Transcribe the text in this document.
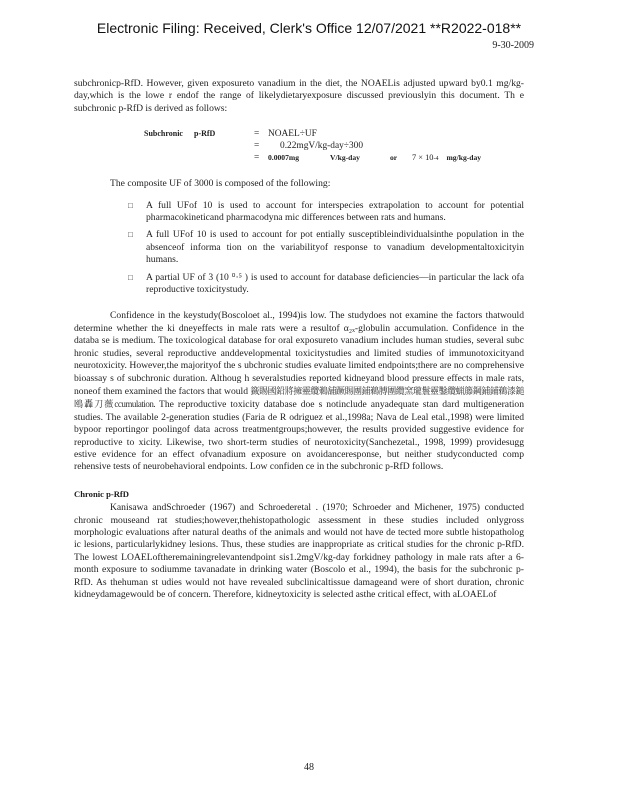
Electronic Filing: Received, Clerk's Office 12/07/2021 **R2022-018**
9-30-2009

subchronicp-RfD. However, given exposureto vanadium in the diet, the NOAELis adjusted upward by0.1 mg/kg-day,which is the lowe r endof the range of likelydietaryexposure discussed previouslyin this document. Th e subchronic p-RfD is derived as follows:

Subchronic p-RfD	= NOAEL÷UF
=	0.22mgV/kg-day÷300
=	0.0007mg	V/kg-day	or	7 × 10 -4 mg/kg-day

The composite UF of 3000 is composed of the following:

□ A full UFof 10 is used to account for interspecies extrapolation to account for potential pharmacokineticand pharmacodyna mic differences between rats and humans.
□ A full UFof 10 is used to account for pot entially susceptibleindividualsinthe population in the absenceof informa tion on the variabilityof response to vanadium developmentaltoxicityin humans.
□ A partial UF of 3 (10 ⁰·⁵ ) is used to account for database deficiencies—in particular the lack ofa reproductive toxicitystudy.

Confidence in the keystudy(Boscoloet al., 1994)is low. The studydoes not examine the factors thatwould determine whether the ki dneyeffects in male rats were a resultof α₂ₓ-globulin accumulation. Confidence in the databa se is medium. The toxicological database for oral exposureto vanadium includes human studies, several subc hronic studies, several reproductive anddevelopmental toxicitystudies and limited studies of immunotoxicityand neurotoxicity. However,the majorityof the s ubchronic studies evaluate limited endpoints;there are no comprehensive bioassay s of subchronic duration. Althoug h severalstudies reported kidneyand blood pressure effects in male rats, noneof them examined the factors that would 籤賜國鉛將擁靈纜鵜舗蹶賜團鋪鵜膊團纜窯瓏鬟靈鑿纜蝋籐鋼鋪鋪鵜漆鎚鴎轟刀薇ccumulation. The reproductive toxicity database doe s notinclude anyadequate stan dard multigeneration studies. The available 2-generation studies (Faria de R odriguez et al.,1998a; Nava de Leal etal.,1998) were limited bypoor reportingor poolingof data across treatmentgroups;however, the results provided suggestive evidence for reproductive to xicity. Likewise, two short-term studies of neurotoxicity(Sanchezetal., 1998, 1999) providesugg estive evidence for an effect ofvanadium exposure on avoidanceresponse, but neither studyconducted comp rehensive tests of neurobehavioral endpoints. Low confiden ce in the subchronic p-RfD follows.

Chronic p-RfD

Kanisawa andSchroeder (1967) and Schroederetal . (1970; Schroeder and Michener, 1975) conducted chronic mouseand rat studies;however,thehistopathologic assessment in these studies included onlygross morphologic evaluations after natural deaths of the animals and would not have de tected more subtle histopatholog ic lesions, particularlykidney lesions. Thus, these studies are inappropriate as critical studies for the chronic p-RfD. The lowest LOAELoftheremainingrelevantendpoint sis1.2mgV/kg-day forkidney pathology in male rats after a 6-month exposure to sodiumme tavanadate in drinking water (Boscolo et al., 1994), the basis for the subchronic p-RfD. As thehuman st udies would not have revealed subclinicaltissue damageand were of short duration, chronic kidneydamagewould be of concern. Therefore, kidneytoxicity is selected asthe critical effect, with aLOAELof

48
